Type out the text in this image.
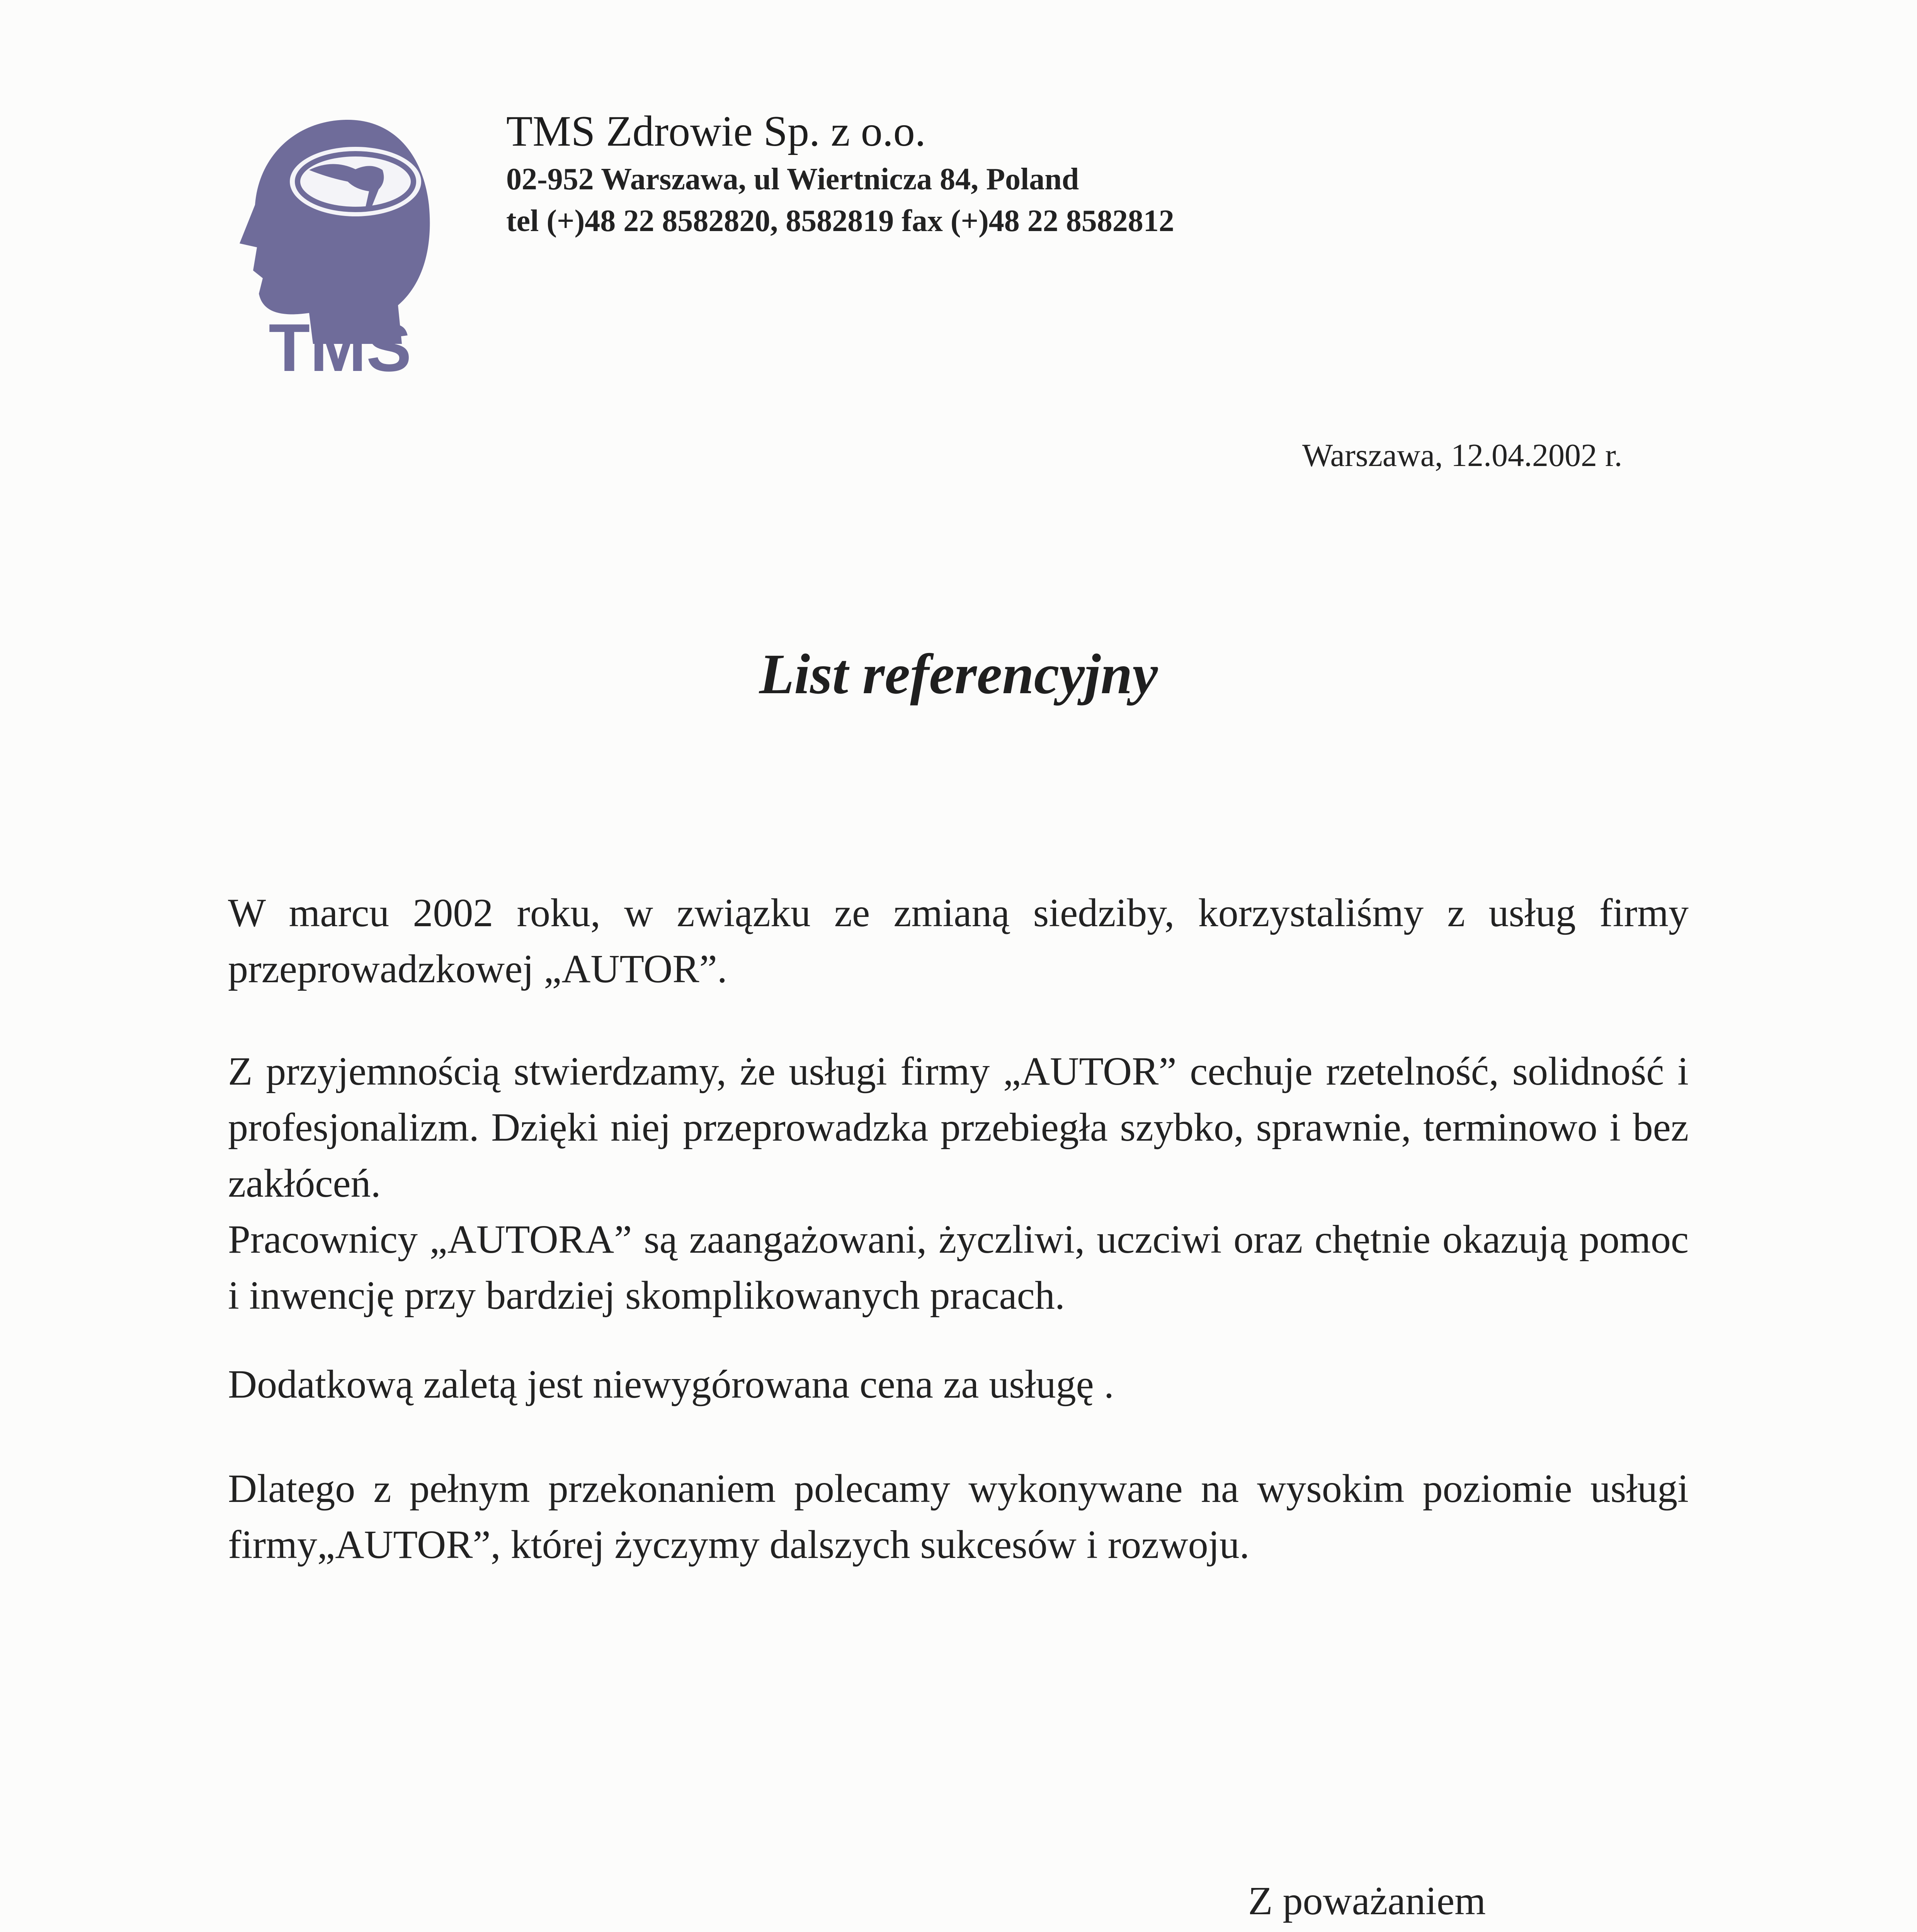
TMS
TMS Zdrowie Sp. z o.o.
02-952 Warszawa, ul Wiertnicza 84, Poland
tel (+)48 22 8582820, 8582819 fax (+)48 22 8582812
Warszawa, 12.04.2002 r.
List referencyjny

W marcu 2002 roku, w związku ze zmianą siedziby, korzystaliśmy z usług firmy przeprowadzkowej „AUTOR”.

Z przyjemnością stwierdzamy, że usługi firmy „AUTOR” cechuje rzetelność, solidność i profesjonalizm. Dzięki niej przeprowadzka przebiegła szybko, sprawnie, terminowo i bez zakłóceń.

Pracownicy „AUTORA” są zaangażowani, życzliwi, uczciwi oraz chętnie okazują pomoc i inwencję przy bardziej skomplikowanych pracach.

Dodatkową zaletą jest niewygórowana cena za usługę .

Dlatego z pełnym przekonaniem polecamy wykonywane na wysokim poziomie usługi firmy„AUTOR”, której życzymy dalszych sukcesów i rozwoju.

Z poważaniem
